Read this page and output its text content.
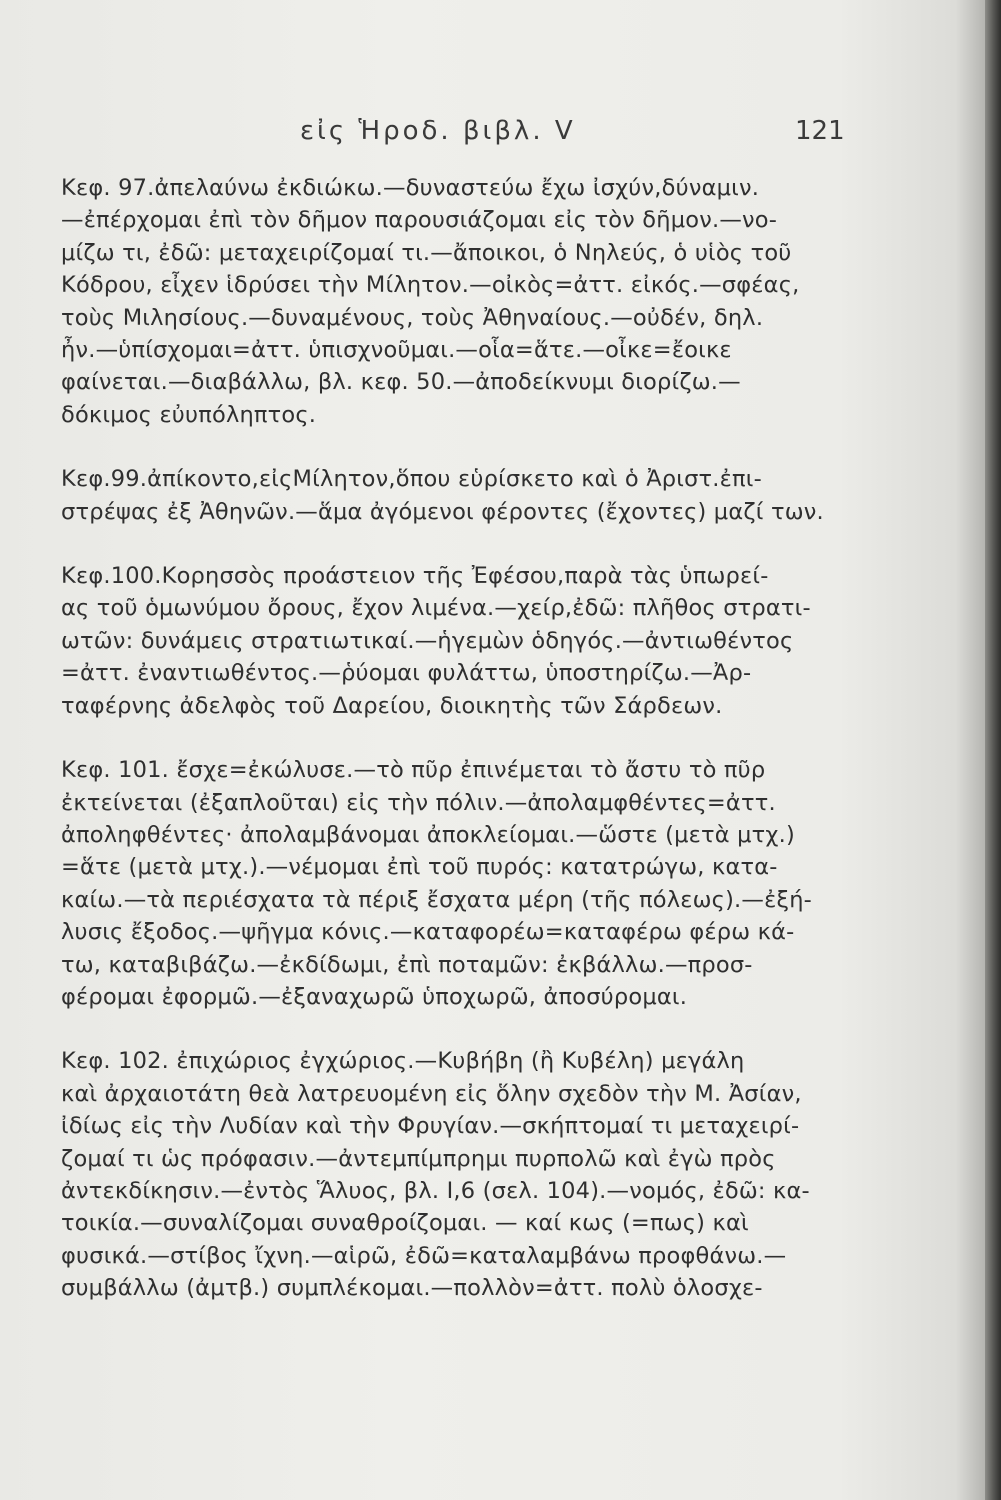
εἰς Ἡροδ. βιβλ. V	121
Κεφ. 97.ἀπελαύνω ἐκδιώκω.—δυναστεύω ἔχω ἰσχύν,δύναμιν.
—ἐπέρχομαι ἐπὶ τὸν δῆμον παρουσιάζομαι εἰς τὸν δῆμον.—νο-
μίζω τι, ἐδῶ: μεταχειρίζομαί τι.—ἄποικοι, ὁ Νηλεύς, ὁ υἱὸς τοῦ
Κόδρου, εἶχεν ἱδρύσει τὴν Μίλητον.—οἰκὸς=ἀττ. εἰκός.—σφέας,
τοὺς Μιλησίους.—δυναμένους, τοὺς Ἀθηναίους.—οὐδέν, δηλ.
ἦν.—ὑπίσχομαι=ἀττ. ὑπισχνοῦμαι.—οἷα=ἅτε.—οἶκε=ἔοικε
φαίνεται.—διαβάλλω, βλ. κεφ. 50.—ἀποδείκνυμι διορίζω.—
δόκιμος εὐυπόληπτος.
Κεφ.99.ἀπίκοντο,εἰςΜίλητον,ὅπου εὑρίσκετο καὶ ὁ Ἀριστ.ἐπι-
στρέψας ἐξ Ἀθηνῶν.—ἅμα ἀγόμενοι φέροντες (ἔχοντες) μαζί των.
Κεφ.100.Κορησσὸς προάστειον τῆς Ἐφέσου,παρὰ τὰς ὑπωρεί-
ας τοῦ ὁμωνύμου ὄρους, ἔχον λιμένα.—χείρ,ἐδῶ: πλῆθος στρατι-
ωτῶν: δυνάμεις στρατιωτικαί.—ἡγεμὼν ὁδηγός.—ἀντιωθέντος
=ἀττ. ἐναντιωθέντος.—ῥύομαι φυλάττω, ὑποστηρίζω.—Ἀρ-
ταφέρνης ἀδελφὸς τοῦ Δαρείου, διοικητὴς τῶν Σάρδεων.
Κεφ. 101. ἔσχε=ἐκώλυσε.—τὸ πῦρ ἐπινέμεται τὸ ἄστυ τὸ πῦρ
ἐκτείνεται (ἐξαπλοῦται) εἰς τὴν πόλιν.—ἀπολαμφθέντες=ἀττ.
ἀποληφθέντες· ἀπολαμβάνομαι ἀποκλείομαι.—ὥστε (μετὰ μτχ.)
=ἅτε (μετὰ μτχ.).—νέμομαι ἐπὶ τοῦ πυρός: κατατρώγω, κατα-
καίω.—τὰ περιέσχατα τὰ πέριξ ἔσχατα μέρη (τῆς πόλεως).—ἐξή-
λυσις ἔξοδος.—ψῆγμα κόνις.—καταφορέω=καταφέρω φέρω κά-
τω, καταβιβάζω.—ἐκδίδωμι, ἐπὶ ποταμῶν: ἐκβάλλω.—προσ-
φέρομαι ἐφορμῶ.—ἐξαναχωρῶ ὑποχωρῶ, ἀποσύρομαι.
Κεφ. 102. ἐπιχώριος ἐγχώριος.—Κυβήβη (ἢ Κυβέλη) μεγάλη
καὶ ἀρχαιοτάτη θεὰ λατρευομένη εἰς ὅλην σχεδὸν τὴν Μ. Ἀσίαν,
ἰδίως εἰς τὴν Λυδίαν καὶ τὴν Φρυγίαν.—σκήπτομαί τι μεταχειρί-
ζομαί τι ὡς πρόφασιν.—ἀντεμπίμπρημι πυρπολῶ καὶ ἐγὼ πρὸς
ἀντεκδίκησιν.—ἐντὸς Ἅλυος, βλ. I,6 (σελ. 104).—νομός, ἐδῶ: κα-
τοικία.—συναλίζομαι συναθροίζομαι. — καί κως (=πως) καὶ
φυσικά.—στίβος ἴχνη.—αἱρῶ, ἐδῶ=καταλαμβάνω προφθάνω.—
συμβάλλω (ἀμτβ.) συμπλέκομαι.—πολλὸν=ἀττ. πολὺ ὁλοσχε-
